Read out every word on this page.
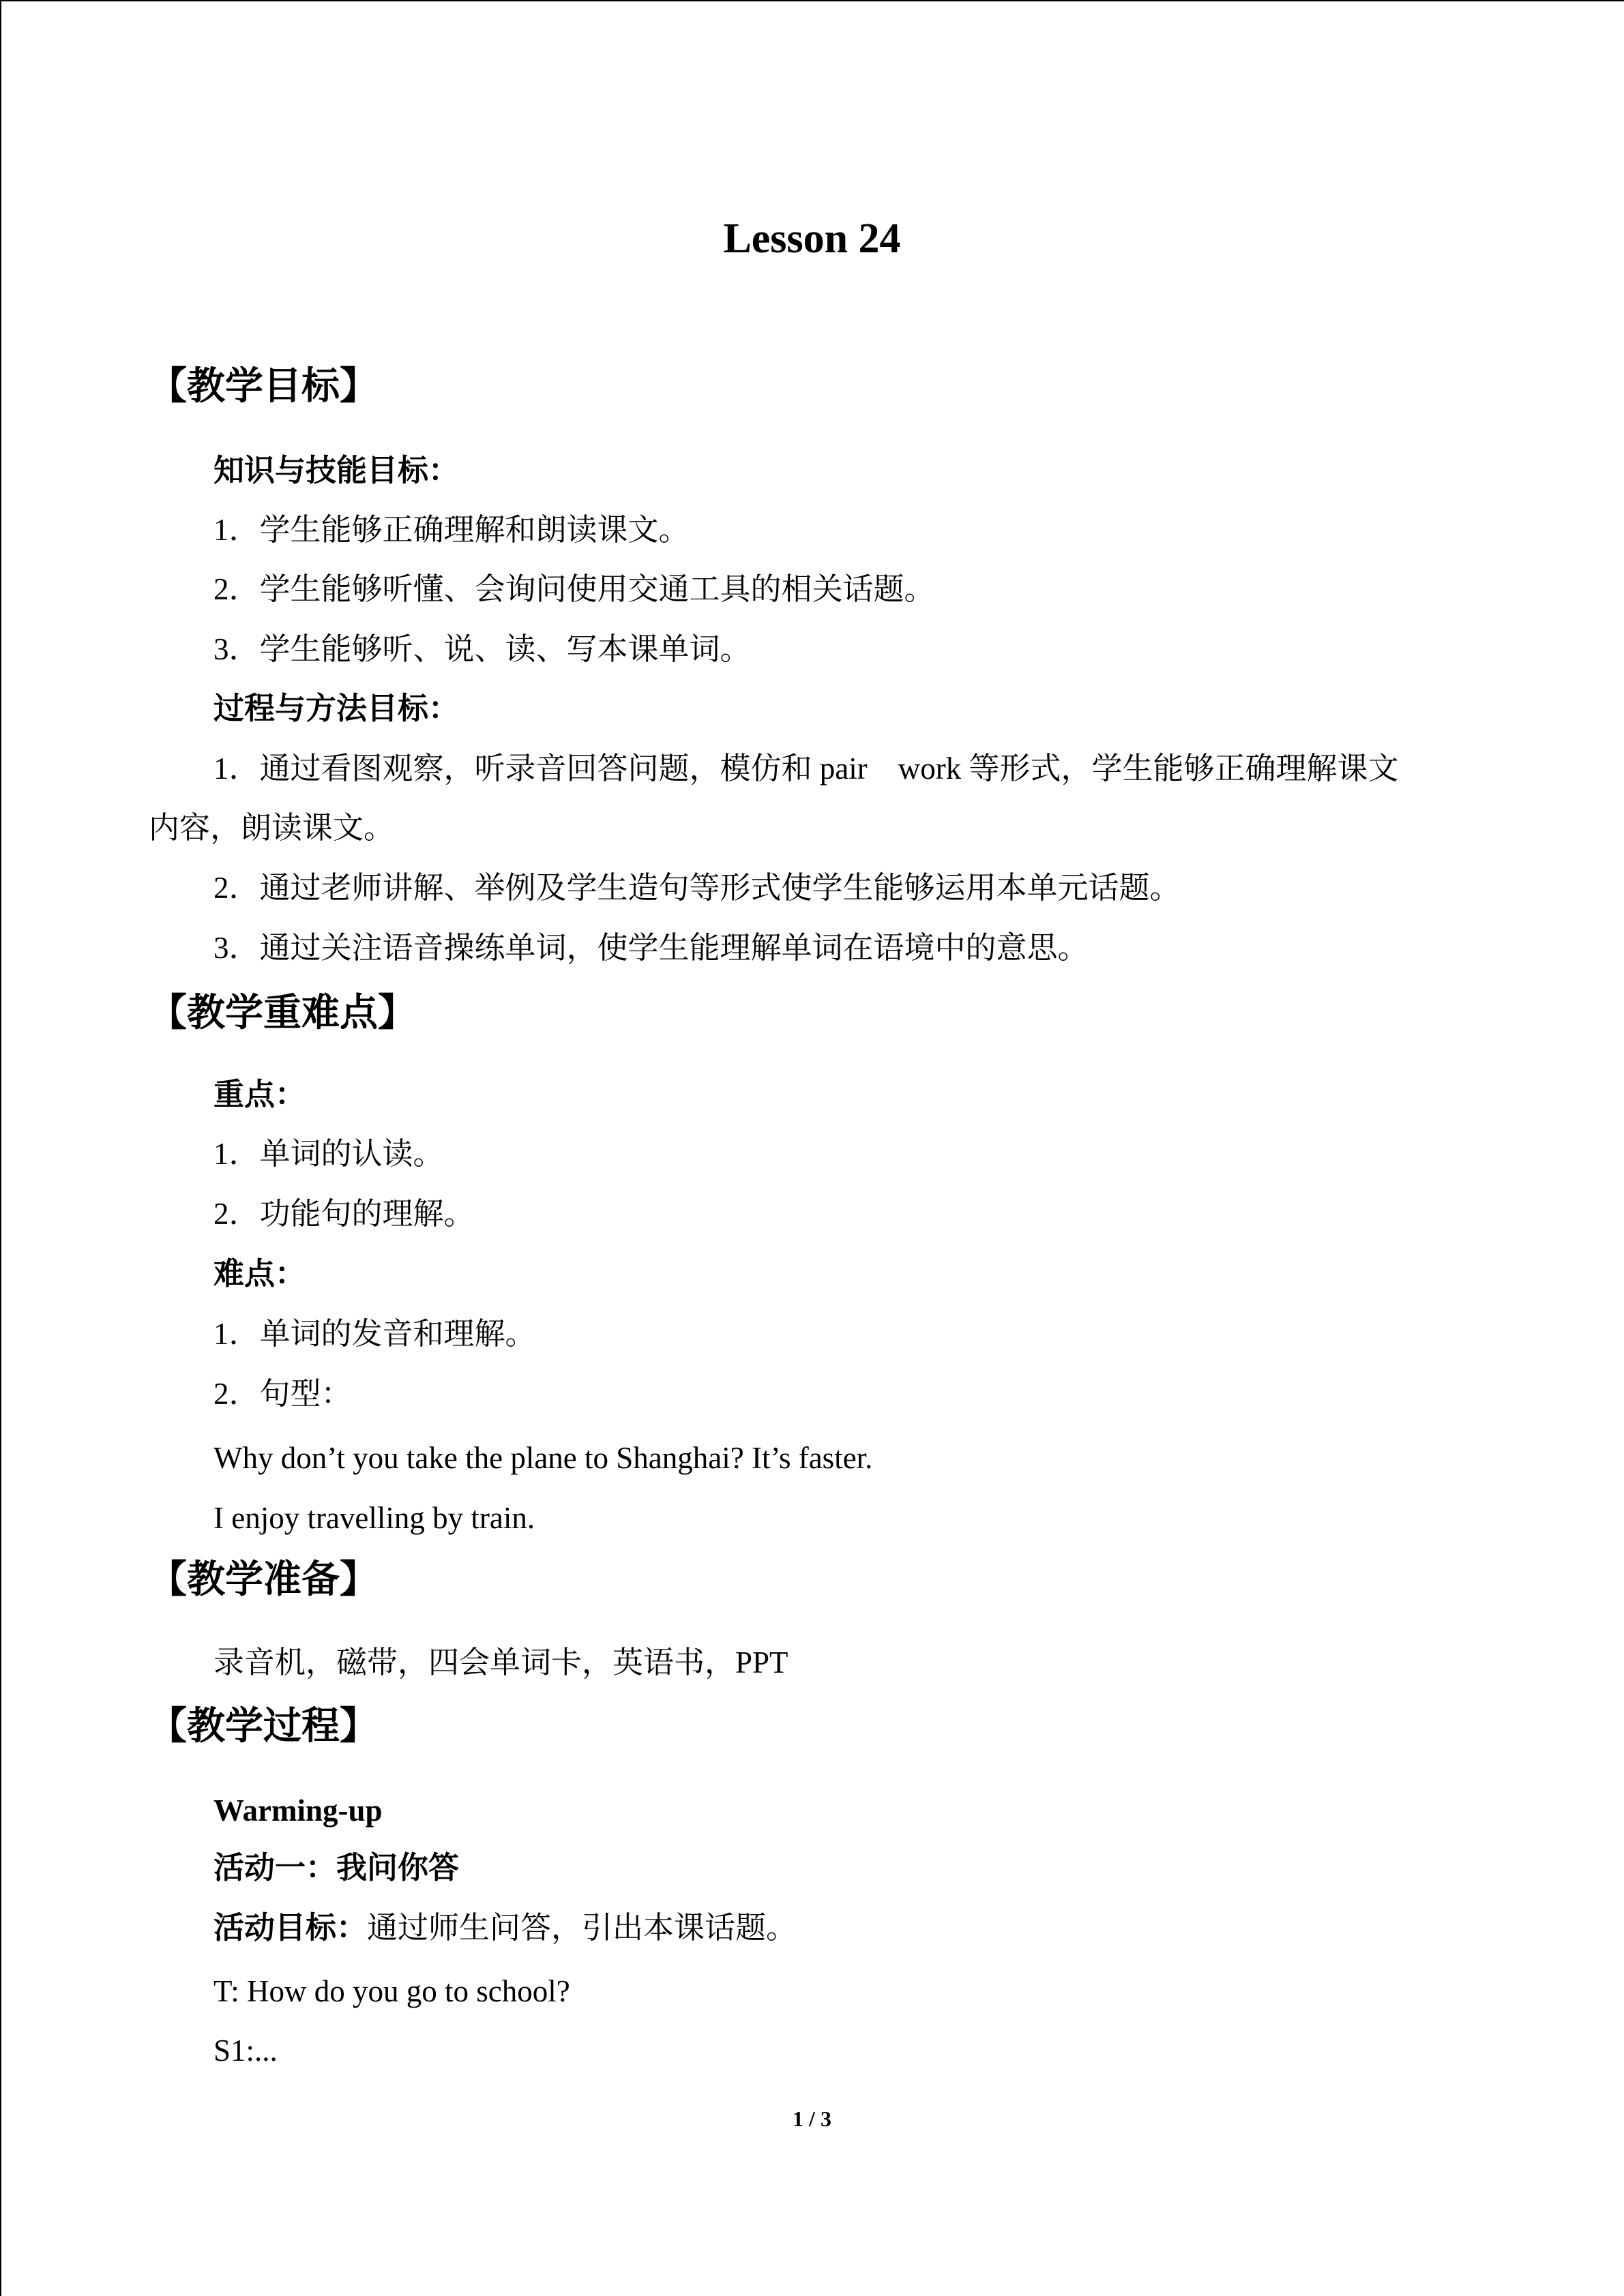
Lesson 24
【教学目标】
知识与技能目标：
1．学生能够正确理解和朗读课文。
2．学生能够听懂、会询问使用交通工具的相关话题。
3．学生能够听、说、读、写本课单词。
过程与方法目标：
1．通过看图观察，听录音回答问题，模仿和 pair　work 等形式，学生能够正确理解课文
内容，朗读课文。
2．通过老师讲解、举例及学生造句等形式使学生能够运用本单元话题。
3．通过关注语音操练单词，使学生能理解单词在语境中的意思。
【教学重难点】
重点：
1．单词的认读。
2．功能句的理解。
难点：
1．单词的发音和理解。
2．句型：
Why don’t you take the plane to Shanghai? It’s faster.
I enjoy travelling by train.
【教学准备】
录音机，磁带，四会单词卡，英语书，PPT
【教学过程】
Warming-up
活动一：我问你答
活动目标：通过师生问答，引出本课话题。
T: How do you go to school?
S1:...
1 / 3
